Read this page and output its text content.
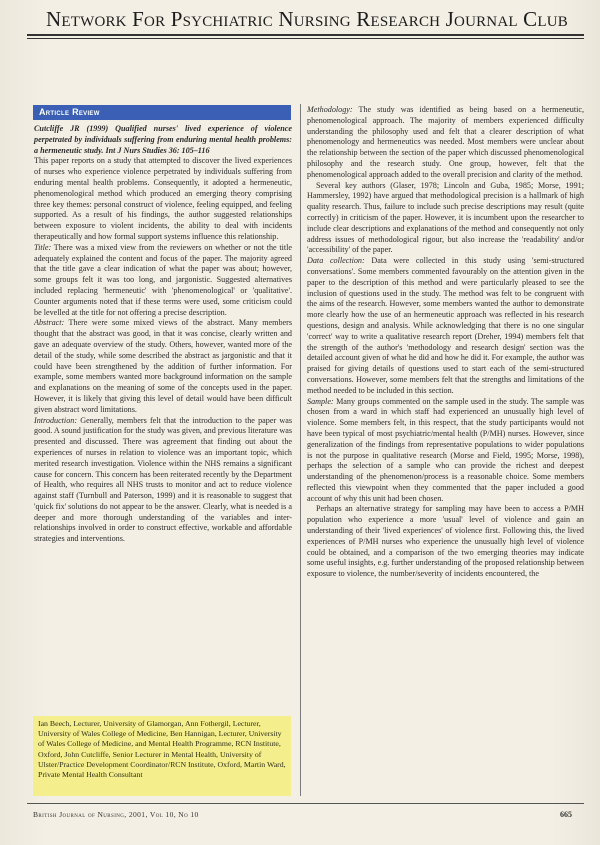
Network For Psychiatric Nursing Research Journal Club
Article Review

Cutcliffe JR (1999) Qualified nurses' lived experience of violence perpetrated by individuals suffering from enduring mental health problems: a hermeneutic study. Int J Nurs Studies 36: 105–116

This paper reports on a study that attempted to discover the lived experiences of nurses who experience violence perpetrated by individuals suffering from enduring mental health problems. Consequently, it adopted a hermeneutic, phenomenological method which produced an emerging theory comprising three key themes: personal construct of violence, feeling equipped, and feeling supported. As a result of his findings, the author suggested relationships between exposure to violent incidents, the ability to deal with incidents therapeutically and how formal support systems influence this relationship.

Title: There was a mixed view from the reviewers on whether or not the title adequately explained the content and focus of the paper. The majority agreed that the title gave a clear indication of what the paper was about; however, some groups felt it was too long, and jargonistic. Suggested alternatives included replacing 'hermeneutic' with 'phenomenological' or 'qualitative'. Counter arguments noted that if these terms were used, some criticism could be levelled at the title for not offering a precise description.

Abstract: There were some mixed views of the abstract. Many members thought that the abstract was good, in that it was concise, clearly written and gave an adequate overview of the study. Others, however, wanted more of the detail of the study, while some described the abstract as jargonistic and that it could have been strengthened by the addition of further information. For example, some members wanted more background information on the sample and explanations on the meaning of some of the concepts used in the paper. However, it is likely that giving this level of detail would have been difficult given abstract word limitations.

Introduction: Generally, members felt that the introduction to the paper was good. A sound justification for the study was given, and previous literature was presented and discussed. There was agreement that finding out about the experiences of nurses in relation to violence was an important topic, which merited research investigation. Violence within the NHS remains a significant cause for concern. This concern has been reiterated recently by the Department of Health, who requires all NHS trusts to monitor and act to reduce violence against staff (Turnbull and Paterson, 1999) and it is reasonable to suggest that 'quick fix' solutions do not appear to be the answer. Clearly, what is needed is a deeper and more thorough understanding of the variables and inter-relationships involved in order to construct effective, workable and affordable strategies and interventions.

Ian Beech, Lecturer, University of Glamorgan, Ann Fothergil, Lecturer, University of Wales College of Medicine, Ben Hannigan, Lecturer, University of Wales College of Medicine, and Mental Health Programme, RCN Institute, Oxford, John Cutcliffe, Senior Lecturer in Mental Health, University of Ulster/Practice Development Coordinator/RCN Institute, Oxford, Martin Ward, Private Mental Health Consultant

Methodology: The study was identified as being based on a hermeneutic, phenomenological approach. The majority of members experienced difficulty understanding the philosophy used and felt that a clearer description of what phenomenology and hermeneutics was needed. Most members were unclear about the relationship between the section of the paper which discussed phenomenological philosophy and the research study. One group, however, felt that the phenomenological approach added to the overall precision and clarity of the method.

Several key authors (Glaser, 1978; Lincoln and Guba, 1985; Morse, 1991; Hammersley, 1992) have argued that methodological precision is a hallmark of high quality research. Thus, failure to include such precise descriptions may result (quite correctly) in criticism of the paper. However, it is incumbent upon the researcher to include clear descriptions and explanations of the method and consequently not only address issues of methodological rigour, but also increase the 'readability' and/or 'accessibility' of the paper.

Data collection: Data were collected in this study using 'semi-structured conversations'. Some members commented favourably on the attention given in the paper to the description of this method and were particularly pleased to see the inclusion of questions used in the study. The method was felt to be congruent with the aims of the research. However, some members wanted the author to demonstrate more clearly how the use of an hermeneutic approach was reflected in his research questions, design and analysis. While acknowledging that there is no one singular 'correct' way to write a qualitative research report (Dreher, 1994) members felt that the strength of the author's 'methodology and research design' section was the detailed account given of what he did and how he did it. For example, the author was praised for giving details of questions used to start each of the semi-structured conversations. However, some members felt that the strengths and limitations of the method needed to be included in this section.

Sample: Many groups commented on the sample used in the study. The sample was chosen from a ward in which staff had experienced an unusually high level of violence. Some members felt, in this respect, that the study participants would not have been typical of most psychiatric/mental health (P/MH) nurses. However, since generalization of the findings from representative populations to wider populations is not the purpose in qualitative research (Morse and Field, 1995; Morse, 1998), perhaps the selection of a sample who can provide the richest and deepest understanding of the phenomenon/process is a reasonable choice. Some members reflected this viewpoint when they commented that the paper included a good account of why this unit had been chosen.

Perhaps an alternative strategy for sampling may have been to access a P/MH population who experience a more 'usual' level of violence and gain an understanding of their 'lived experiences' of violence first. Following this, the lived experiences of P/MH nurses who experience the unusually high level of violence could be obtained, and a comparison of the two emerging theories may indicate some useful insights, e.g. further understanding of the proposed relationship between exposure to violence, the number/severity of incidents encountered, the

British Journal of Nursing, 2001, Vol 10, No 10	665
